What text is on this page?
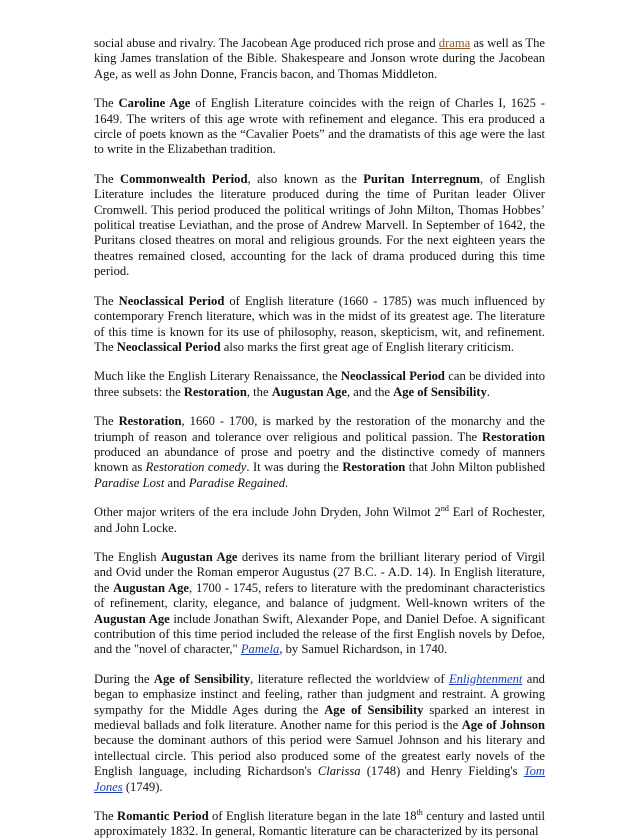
social abuse and rivalry. The Jacobean Age produced rich prose and drama as well as The king James translation of the Bible. Shakespeare and Jonson wrote during the Jacobean Age, as well as John Donne, Francis bacon, and Thomas Middleton.

The Caroline Age of English Literature coincides with the reign of Charles I, 1625 - 1649. The writers of this age wrote with refinement and elegance. This era produced a circle of poets known as the “Cavalier Poets” and the dramatists of this age were the last to write in the Elizabethan tradition.

The Commonwealth Period, also known as the Puritan Interregnum, of English Literature includes the literature produced during the time of Puritan leader Oliver Cromwell. This period produced the political writings of John Milton, Thomas Hobbes’ political treatise Leviathan, and the prose of Andrew Marvell. In September of 1642, the Puritans closed theatres on moral and religious grounds. For the next eighteen years the theatres remained closed, accounting for the lack of drama produced during this time period.

The Neoclassical Period of English literature (1660 - 1785) was much influenced by contemporary French literature, which was in the midst of its greatest age. The literature of this time is known for its use of philosophy, reason, skepticism, wit, and refinement. The Neoclassical Period also marks the first great age of English literary criticism.

Much like the English Literary Renaissance, the Neoclassical Period can be divided into three subsets: the Restoration, the Augustan Age, and the Age of Sensibility.

The Restoration, 1660 - 1700, is marked by the restoration of the monarchy and the triumph of reason and tolerance over religious and political passion. The Restoration produced an abundance of prose and poetry and the distinctive comedy of manners known as Restoration comedy. It was during the Restoration that John Milton published Paradise Lost and Paradise Regained.

Other major writers of the era include John Dryden, John Wilmot 2nd Earl of Rochester, and John Locke.

The English Augustan Age derives its name from the brilliant literary period of Virgil and Ovid under the Roman emperor Augustus (27 B.C. - A.D. 14). In English literature, the Augustan Age, 1700 - 1745, refers to literature with the predominant characteristics of refinement, clarity, elegance, and balance of judgment. Well-known writers of the Augustan Age include Jonathan Swift, Alexander Pope, and Daniel Defoe. A significant contribution of this time period included the release of the first English novels by Defoe, and the "novel of character," Pamela, by Samuel Richardson, in 1740.

During the Age of Sensibility, literature reflected the worldview of Enlightenment and began to emphasize instinct and feeling, rather than judgment and restraint. A growing sympathy for the Middle Ages during the Age of Sensibility sparked an interest in medieval ballads and folk literature. Another name for this period is the Age of Johnson because the dominant authors of this period were Samuel Johnson and his literary and intellectual circle. This period also produced some of the greatest early novels of the English language, including Richardson's Clarissa (1748) and Henry Fielding's Tom Jones (1749).

The Romantic Period of English literature began in the late 18th century and lasted until approximately 1832. In general, Romantic literature can be characterized by its personal
